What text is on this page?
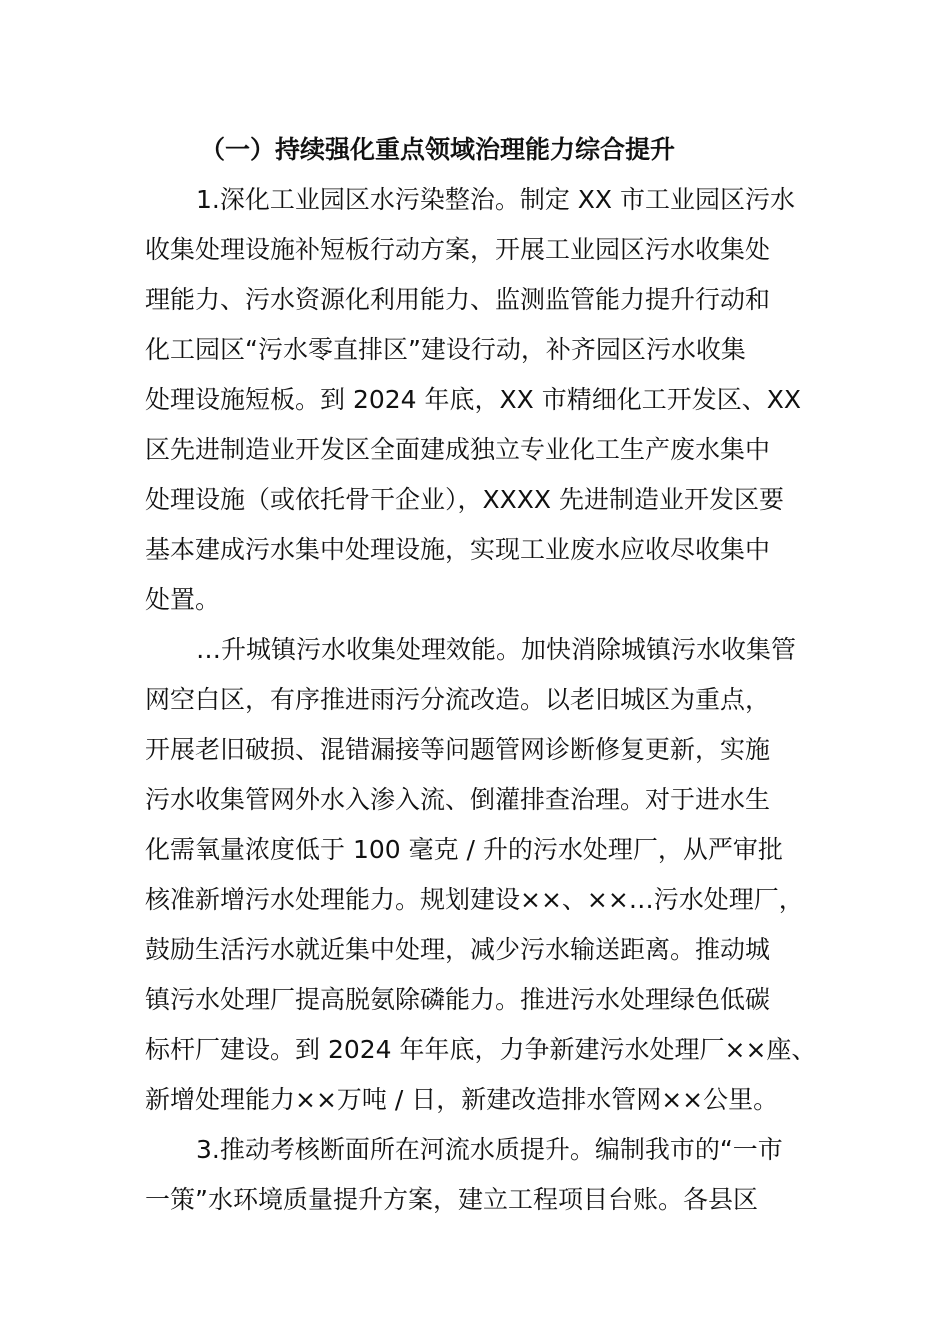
（一）持续强化重点领域治理能力综合提升
1.深化工业园区水污染整治。制定 XX 市工业园区污水
收集处理设施补短板行动方案，开展工业园区污水收集处
理能力、污水资源化利用能力、监测监管能力提升行动和
化工园区“污水零直排区”建设行动，补齐园区污水收集
处理设施短板。到 2024 年底，XX 市精细化工开发区、XX
区先进制造业开发区全面建成独立专业化工生产废水集中
处理设施（或依托骨干企业），XXXX 先进制造业开发区要
基本建成污水集中处理设施，实现工业废水应收尽收集中
处置。
…升城镇污水收集处理效能。加快消除城镇污水收集管
网空白区，有序推进雨污分流改造。以老旧城区为重点，
开展老旧破损、混错漏接等问题管网诊断修复更新，实施
污水收集管网外水入渗入流、倒灌排查治理。对于进水生
化需氧量浓度低于 100 毫克 / 升的污水处理厂，从严审批
核准新增污水处理能力。规划建设××、××…污水处理厂，
鼓励生活污水就近集中处理，减少污水输送距离。推动城
镇污水处理厂提高脱氨除磷能力。推进污水处理绿色低碳
标杆厂建设。到 2024 年年底，力争新建污水处理厂××座、
新增处理能力××万吨 / 日，新建改造排水管网××公里。
3.推动考核断面所在河流水质提升。编制我市的“一市
一策”水环境质量提升方案，建立工程项目台账。各县区
